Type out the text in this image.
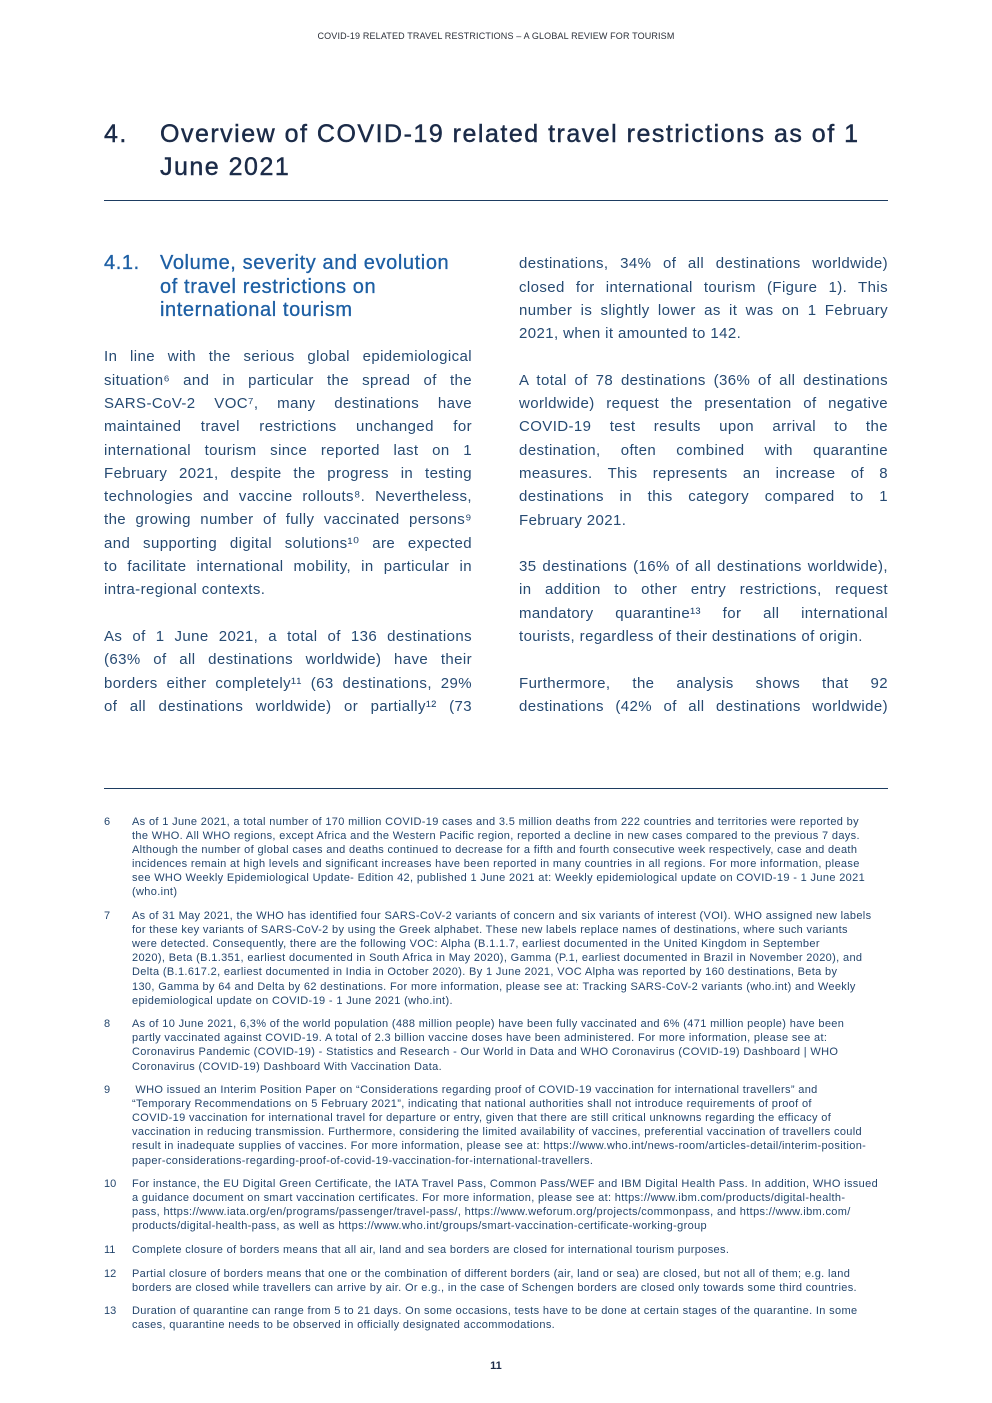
COVID-19 RELATED TRAVEL RESTRICTIONS – A GLOBAL REVIEW FOR TOURISM
4. Overview of COVID-19 related travel restrictions as of 1
June 2021
4.1. Volume, severity and evolution
of travel restrictions on
international tourism
In line with the serious global epidemiological
situation⁶ and in particular the spread of the
SARS-CoV-2 VOC⁷, many destinations have
maintained travel restrictions unchanged for
international tourism since reported last on 1
February 2021, despite the progress in testing
technologies and vaccine rollouts⁸. Nevertheless,
the growing number of fully vaccinated persons⁹
and supporting digital solutions¹⁰ are expected
to facilitate international mobility, in particular in
intra-regional contexts.
As of 1 June 2021, a total of 136 destinations
(63% of all destinations worldwide) have their
borders either completely¹¹ (63 destinations, 29%
of all destinations worldwide) or partially¹² (73
destinations, 34% of all destinations worldwide)
closed for international tourism (Figure 1). This
number is slightly lower as it was on 1 February
2021, when it amounted to 142.
A total of 78 destinations (36% of all destinations
worldwide) request the presentation of negative
COVID-19 test results upon arrival to the
destination, often combined with quarantine
measures. This represents an increase of 8
destinations in this category compared to 1
February 2021.
35 destinations (16% of all destinations worldwide),
in addition to other entry restrictions, request
mandatory quarantine¹³ for all international
tourists, regardless of their destinations of origin.
Furthermore, the analysis shows that 92
destinations (42% of all destinations worldwide)
6 As of 1 June 2021, a total number of 170 million COVID-19 cases and 3.5 million deaths from 222 countries and territories were reported by
the WHO. All WHO regions, except Africa and the Western Pacific region, reported a decline in new cases compared to the previous 7 days.
Although the number of global cases and deaths continued to decrease for a fifth and fourth consecutive week respectively, case and death
incidences remain at high levels and significant increases have been reported in many countries in all regions. For more information, please
see WHO Weekly Epidemiological Update- Edition 42, published 1 June 2021 at: Weekly epidemiological update on COVID-19 - 1 June 2021
(who.int)
7 As of 31 May 2021, the WHO has identified four SARS-CoV-2 variants of concern and six variants of interest (VOI). WHO assigned new labels
for these key variants of SARS-CoV-2 by using the Greek alphabet. These new labels replace names of destinations, where such variants
were detected. Consequently, there are the following VOC: Alpha (B.1.1.7, earliest documented in the United Kingdom in September
2020), Beta (B.1.351, earliest documented in South Africa in May 2020), Gamma (P.1, earliest documented in Brazil in November 2020), and
Delta (B.1.617.2, earliest documented in India in October 2020). By 1 June 2021, VOC Alpha was reported by 160 destinations, Beta by
130, Gamma by 64 and Delta by 62 destinations. For more information, please see at: Tracking SARS-CoV-2 variants (who.int) and Weekly
epidemiological update on COVID-19 - 1 June 2021 (who.int).
8 As of 10 June 2021, 6,3% of the world population (488 million people) have been fully vaccinated and 6% (471 million people) have been
partly vaccinated against COVID-19. A total of 2.3 billion vaccine doses have been administered. For more information, please see at:
Coronavirus Pandemic (COVID-19) - Statistics and Research - Our World in Data and WHO Coronavirus (COVID-19) Dashboard | WHO
Coronavirus (COVID-19) Dashboard With Vaccination Data.
9 WHO issued an Interim Position Paper on “Considerations regarding proof of COVID-19 vaccination for international travellers” and
“Temporary Recommendations on 5 February 2021”, indicating that national authorities shall not introduce requirements of proof of
COVID-19 vaccination for international travel for departure or entry, given that there are still critical unknowns regarding the efficacy of
vaccination in reducing transmission. Furthermore, considering the limited availability of vaccines, preferential vaccination of travellers could
result in inadequate supplies of vaccines. For more information, please see at: https://www.who.int/news-room/articles-detail/interim-position-
paper-considerations-regarding-proof-of-covid-19-vaccination-for-international-travellers.
10 For instance, the EU Digital Green Certificate, the IATA Travel Pass, Common Pass/WEF and IBM Digital Health Pass. In addition, WHO issued
a guidance document on smart vaccination certificates. For more information, please see at: https://www.ibm.com/products/digital-health-
pass, https://www.iata.org/en/programs/passenger/travel-pass/, https://www.weforum.org/projects/commonpass, and https://www.ibm.com/
products/digital-health-pass, as well as https://www.who.int/groups/smart-vaccination-certificate-working-group
11 Complete closure of borders means that all air, land and sea borders are closed for international tourism purposes.
12 Partial closure of borders means that one or the combination of different borders (air, land or sea) are closed, but not all of them; e.g. land
borders are closed while travellers can arrive by air. Or e.g., in the case of Schengen borders are closed only towards some third countries.
13 Duration of quarantine can range from 5 to 21 days. On some occasions, tests have to be done at certain stages of the quarantine. In some
cases, quarantine needs to be observed in officially designated accommodations.
11
